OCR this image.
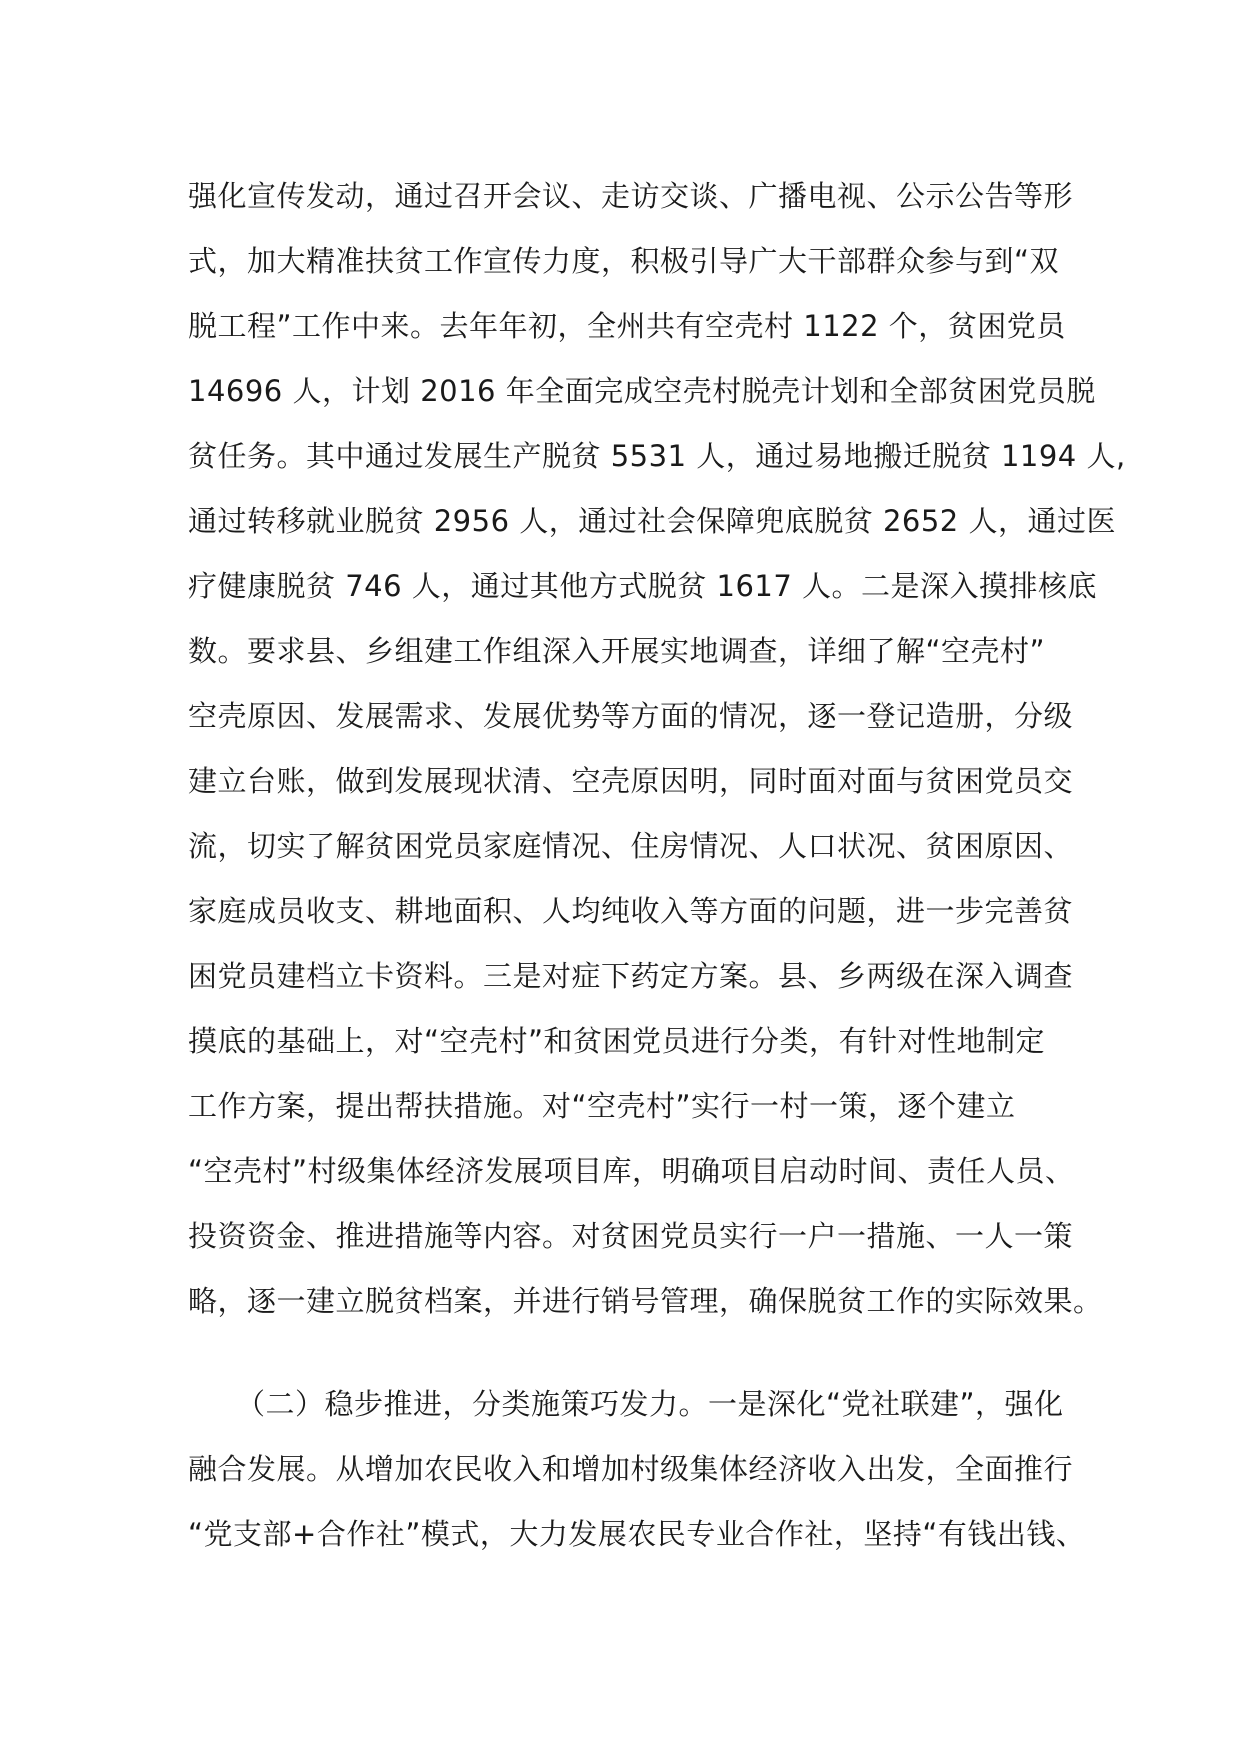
强化宣传发动，通过召开会议、走访交谈、广播电视、公示公告等形
式，加大精准扶贫工作宣传力度，积极引导广大干部群众参与到“双
脱工程”工作中来。去年年初，全州共有空壳村 1122 个，贫困党员
14696 人，计划 2016 年全面完成空壳村脱壳计划和全部贫困党员脱
贫任务。其中通过发展生产脱贫 5531 人，通过易地搬迁脱贫 1194 人,
通过转移就业脱贫 2956 人，通过社会保障兜底脱贫 2652 人，通过医
疗健康脱贫 746 人，通过其他方式脱贫 1617 人。二是深入摸排核底
数。要求县、乡组建工作组深入开展实地调查，详细了解“空壳村”
空壳原因、发展需求、发展优势等方面的情况，逐一登记造册，分级
建立台账，做到发展现状清、空壳原因明，同时面对面与贫困党员交
流，切实了解贫困党员家庭情况、住房情况、人口状况、贫困原因、
家庭成员收支、耕地面积、人均纯收入等方面的问题，进一步完善贫
困党员建档立卡资料。三是对症下药定方案。县、乡两级在深入调查
摸底的基础上，对“空壳村”和贫困党员进行分类，有针对性地制定
工作方案，提出帮扶措施。对“空壳村”实行一村一策，逐个建立
“空壳村”村级集体经济发展项目库，明确项目启动时间、责任人员、
投资资金、推进措施等内容。对贫困党员实行一户一措施、一人一策
略，逐一建立脱贫档案，并进行销号管理，确保脱贫工作的实际效果。
（二）稳步推进，分类施策巧发力。一是深化“党社联建”，强化
融合发展。从增加农民收入和增加村级集体经济收入出发，全面推行
“党支部+合作社”模式，大力发展农民专业合作社，坚持“有钱出钱、
